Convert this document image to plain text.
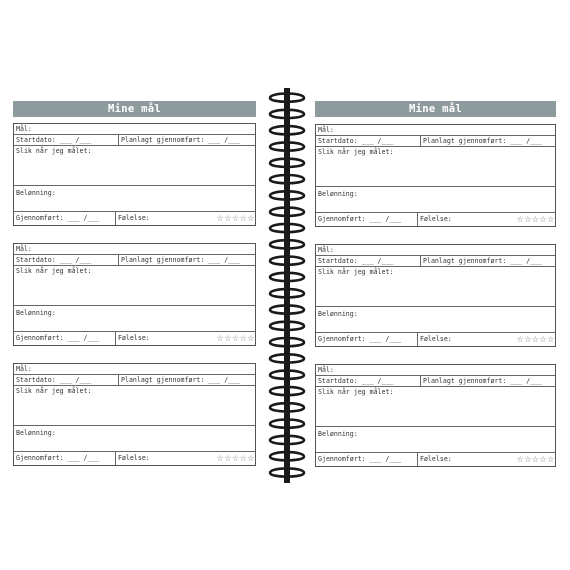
Mine mål
Mål:
Startdato: ___ /___	Planlagt gjennomført: ___ /___
Slik når jeg målet:
Belønning:
Gjennomført: ___ /___	Følelse:	☆ ☆ ☆ ☆ ☆
Mål:
Startdato: ___ /___	Planlagt gjennomført: ___ /___
Slik når jeg målet:
Belønning:
Gjennomført: ___ /___	Følelse:	☆ ☆ ☆ ☆ ☆
Mål:
Startdato: ___ /___	Planlagt gjennomført: ___ /___
Slik når jeg målet:
Belønning:
Gjennomført: ___ /___	Følelse:	☆ ☆ ☆ ☆ ☆
Mine mål
Mål:
Startdato: ___ /___	Planlagt gjennomført: ___ /___
Slik når jeg målet:
Belønning:
Gjennomført: ___ /___	Følelse:	☆ ☆ ☆ ☆ ☆
Mål:
Startdato: ___ /___	Planlagt gjennomført: ___ /___
Slik når jeg målet:
Belønning:
Gjennomført: ___ /___	Følelse:	☆ ☆ ☆ ☆ ☆
Mål:
Startdato: ___ /___	Planlagt gjennomført: ___ /___
Slik når jeg målet:
Belønning:
Gjennomført: ___ /___	Følelse:	☆ ☆ ☆ ☆ ☆
